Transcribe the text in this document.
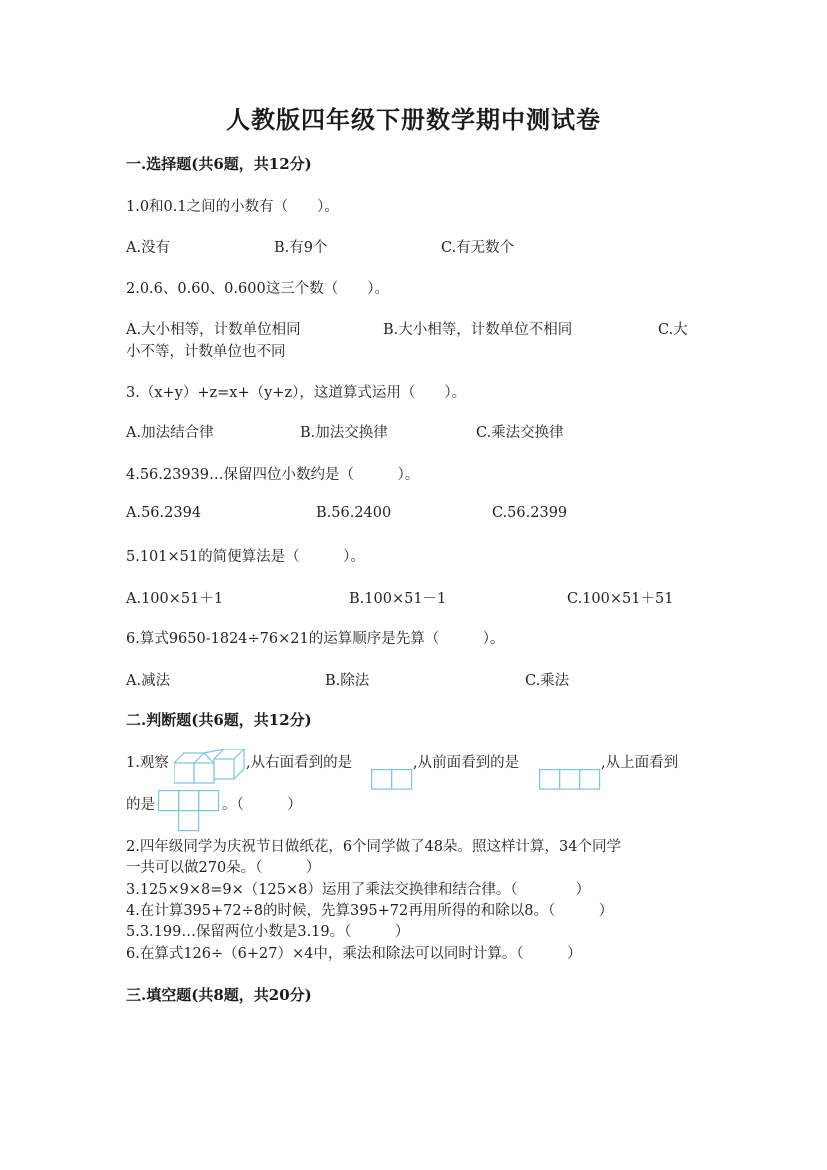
人教版四年级下册数学期中测试卷
一.选择题(共6题，共12分)
1.0和0.1之间的小数有（　　）。
A.没有	B.有9个	C.有无数个
2.0.6、0.60、0.600这三个数（　　）。
A.大小相等，计数单位相同	B.大小相等，计数单位不相同	C.大
小不等，计数单位也不同
3.（x+y）+z=x+（y+z），这道算式运用（　　）。
A.加法结合律	B.加法交换律	C.乘法交换律
4.56.23939…保留四位小数约是（　　　）。
A.56.2394	B.56.2400	C.56.2399
5.101×51的简便算法是（　　　）。
A.100×51＋1	B.100×51－1	C.100×51＋51
6.算式9650-1824÷76×21的运算顺序是先算（　　　）。
A.减法	B.除法	C.乘法
二.判断题(共6题，共12分)
1.观察	,从右面看到的是	,从前面看到的是	,从上面看到
的是	。（　　　）
2.四年级同学为庆祝节日做纸花，6个同学做了48朵。照这样计算，34个同学
一共可以做270朵。（　　　）
3.125×9×8=9×（125×8）运用了乘法交换律和结合律。（　　　　）
4.在计算395+72÷8的时候，先算395+72再用所得的和除以8。（　　　）
5.3.199…保留两位小数是3.19。（　　　）
6.在算式126÷（6+27）×4中，乘法和除法可以同时计算。（　　　）
三.填空题(共8题，共20分)
